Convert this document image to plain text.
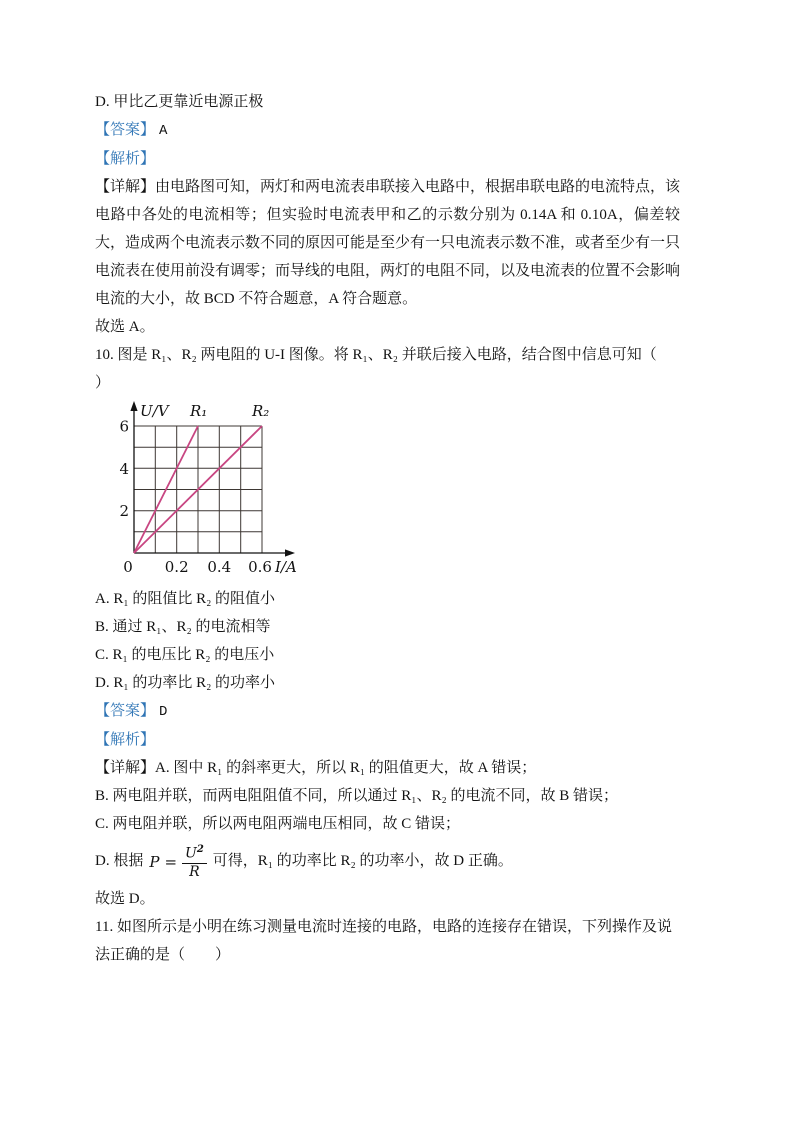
D. 甲比乙更靠近电源正极

【答案】 A

【解析】

【详解】由电路图可知，两灯和两电流表串联接入电路中，根据串联电路的电流特点，该电路中各处的电流相等；但实验时电流表甲和乙的示数分别为 0.14A 和 0.10A，偏差较大，造成两个电流表示数不同的原因可能是至少有一只电流表示数不准，或者至少有一只电流表在使用前没有调零；而导线的电阻，两灯的电阻不同，以及电流表的位置不会影响电流的大小，故 BCD 不符合题意，A 符合题意。

故选 A。

10. 图是 R₁、R₂ 两电阻的 U-I 图像。将 R₁、R₂ 并联后接入电路，结合图中信息可知（

）

U/V R₁	R₂
6
4
2
0 0.2 0.4 0.6 I/A

A. R₁ 的阻值比 R₂ 的阻值小

B. 通过 R₁、R₂ 的电流相等

C. R₁ 的电压比 R₂ 的电压小

D. R₁ 的功率比 R₂ 的功率小

【答案】 D

【解析】

【详解】A. 图中 R₁ 的斜率更大，所以 R₁ 的阻值更大，故 A 错误；

B. 两电阻并联，而两电阻阻值不同，所以通过 R₁、R₂ 的电流不同，故 B 错误；

C. 两电阻并联，所以两电阻两端电压相同，故 C 错误；

D. 根据 $P = \frac{U^2}{R}$ 可得，R₁ 的功率比 R₂ 的功率小，故 D 正确。

故选 D。

11. 如图所示是小明在练习测量电流时连接的电路，电路的连接存在错误，下列操作及说

法正确的是（　　）
